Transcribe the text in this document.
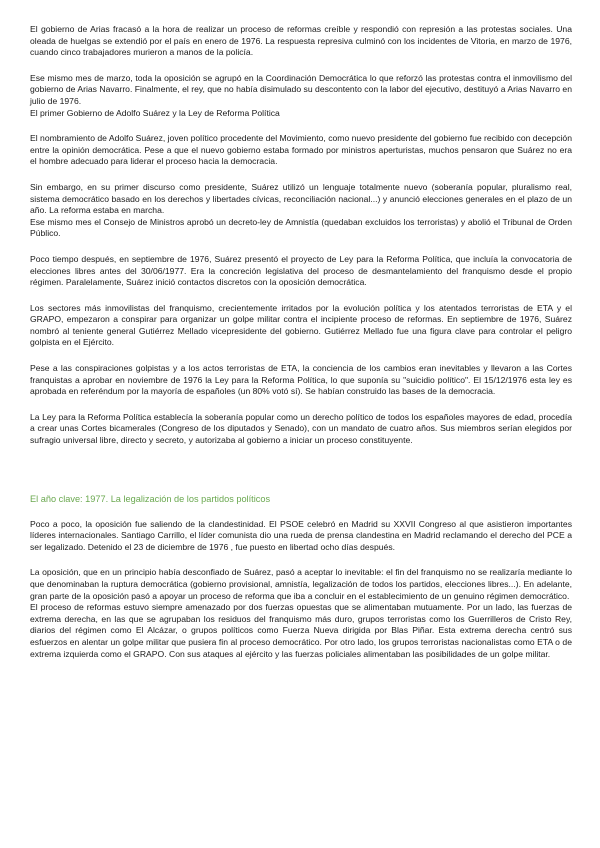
El gobierno de Arias fracasó a la hora de realizar un proceso de reformas creíble y respondió con represión a las protestas sociales. Una oleada de huelgas se extendió por el país en enero de 1976. La respuesta represiva culminó con los incidentes de Vitoria, en marzo de 1976, cuando cinco trabajadores murieron a manos de la policía.

Ese mismo mes de marzo, toda la oposición se agrupó en la Coordinación Democrática lo que reforzó las protestas contra el inmovilismo del gobierno de Arias Navarro. Finalmente, el rey, que no había disimulado su descontento con la labor del ejecutivo, destituyó a Arias Navarro en julio de 1976.

El primer Gobierno de Adolfo Suárez y la Ley de Reforma Política

El nombramiento de Adolfo Suárez, joven político procedente del Movimiento, como nuevo presidente del gobierno fue recibido con decepción entre la opinión democrática. Pese a que el nuevo gobierno estaba formado por ministros aperturistas, muchos pensaron que Suárez no era el hombre adecuado para liderar el proceso hacia la democracia.

Sin embargo, en su primer discurso como presidente, Suárez utilizó un lenguaje totalmente nuevo (soberanía popular, pluralismo real, sistema democrático basado en los derechos y libertades cívicas, reconciliación nacional...) y anunció elecciones generales en el plazo de un año. La reforma estaba en marcha.

Ese mismo mes el Consejo de Ministros aprobó un decreto-ley de Amnistía (quedaban excluidos los terroristas) y abolió el Tribunal de Orden Público.

Poco tiempo después, en septiembre de 1976, Suárez presentó el proyecto de Ley para la Reforma Política, que incluía la convocatoria de elecciones libres antes del 30/06/1977. Era la concreción legislativa del proceso de desmantelamiento del franquismo desde el propio régimen. Paralelamente, Suárez inició contactos discretos con la oposición democrática.

Los sectores más inmovilistas del franquismo, crecientemente irritados por la evolución política y los atentados terroristas de ETA y el GRAPO, empezaron a conspirar para organizar un golpe militar contra el incipiente proceso de reformas. En septiembre de 1976, Suárez nombró al teniente general Gutiérrez Mellado vicepresidente del gobierno. Gutiérrez Mellado fue una figura clave para controlar el peligro golpista en el Ejército.

Pese a las conspiraciones golpistas y a los actos terroristas de ETA, la conciencia de los cambios eran inevitables y llevaron a las Cortes franquistas a aprobar en noviembre de 1976 la Ley para la Reforma Política, lo que suponía su "suicidio político". El 15/12/1976 esta ley es aprobada en referéndum por la mayoría de españoles (un 80% votó sí). Se habían construido las bases de la democracia.

La Ley para la Reforma Política establecía la soberanía popular como un derecho político de todos los españoles mayores de edad, procedía a crear unas Cortes bicamerales (Congreso de los diputados y Senado), con un mandato de cuatro años. Sus miembros serían elegidos por sufragio universal libre, directo y secreto, y autorizaba al gobierno a iniciar un proceso constituyente.

El año clave: 1977. La legalización de los partidos políticos

Poco a poco, la oposición fue saliendo de la clandestinidad. El PSOE celebró en Madrid su XXVII Congreso al que asistieron importantes líderes internacionales. Santiago Carrillo, el líder comunista dio una rueda de prensa clandestina en Madrid reclamando el derecho del PCE a ser legalizado. Detenido el 23 de diciembre de 1976 , fue puesto en libertad ocho días después.

La oposición, que en un principio había desconfiado de Suárez, pasó a aceptar lo inevitable: el fin del franquismo no se realizaría mediante lo que denominaban la ruptura democrática (gobierno provisional, amnistía, legalización de todos los partidos, elecciones libres...). En adelante, gran parte de la oposición pasó a apoyar un proceso de reforma que iba a concluir en el establecimiento de un genuino régimen democrático.

El proceso de reformas estuvo siempre amenazado por dos fuerzas opuestas que se alimentaban mutuamente. Por un lado, las fuerzas de extrema derecha, en las que se agrupaban los residuos del franquismo más duro, grupos terroristas como los Guerrilleros de Cristo Rey, diarios del régimen como El Alcázar, o grupos políticos como Fuerza Nueva dirigida por Blas Piñar. Esta extrema derecha centró sus esfuerzos en alentar un golpe militar que pusiera fin al proceso democrático. Por otro lado, los grupos terroristas nacionalistas como ETA o de extrema izquierda como el GRAPO. Con sus ataques al ejército y las fuerzas policiales alimentaban las posibilidades de un golpe militar.
